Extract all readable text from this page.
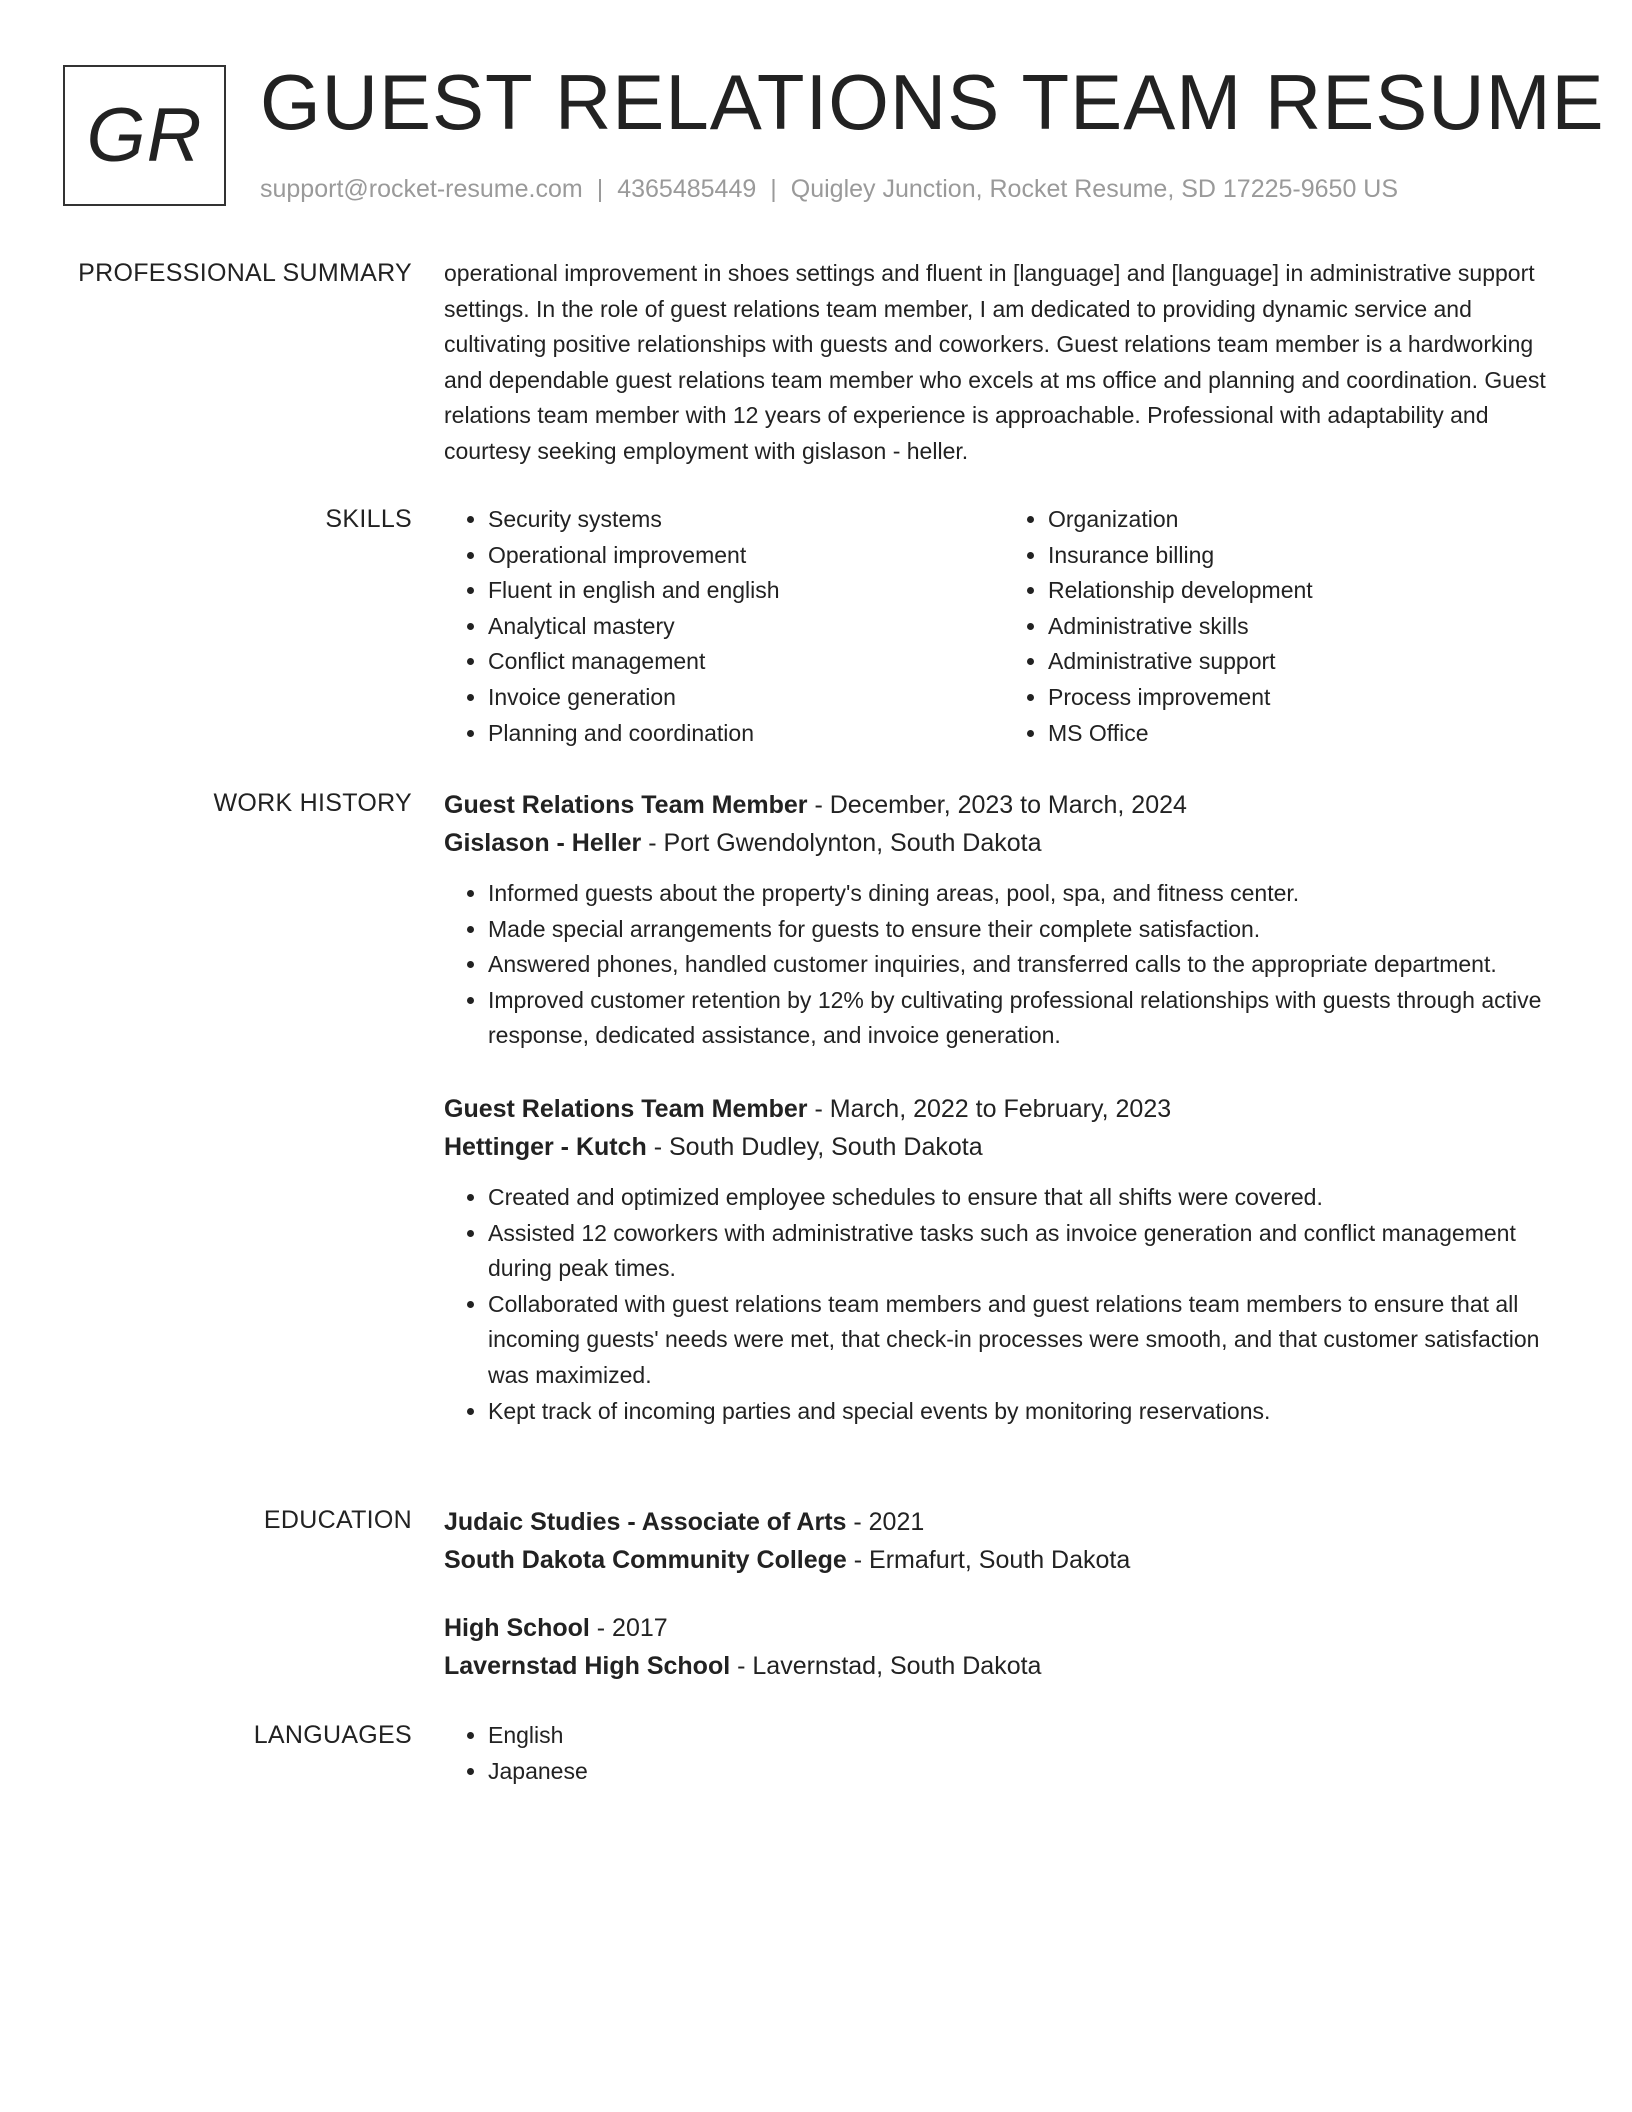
GR GUEST RELATIONS TEAM RESUME
support@rocket-resume.com | 4365485449 | Quigley Junction, Rocket Resume, SD 17225-9650 US
PROFESSIONAL SUMMARY operational improvement in shoes settings and fluent in [language] and [language] in administrative support settings. In the role of guest relations team member, I am dedicated to providing dynamic service and cultivating positive relationships with guests and coworkers. Guest relations team member is a hardworking and dependable guest relations team member who excels at ms office and planning and coordination. Guest relations team member with 12 years of experience is approachable. Professional with adaptability and courtesy seeking employment with gislason - heller.

SKILLS	• Security systems
• Operational improvement
• Fluent in english and english
• Analytical mastery
• Conflict management
• Invoice generation
• Planning and coordination
• Organization
• Insurance billing
• Relationship development
• Administrative skills
• Administrative support
• Process improvement
• MS Office
WORK HISTORY Guest Relations Team Member - December, 2023 to March, 2024
Gislason - Heller - Port Gwendolynton, South Dakota
• Informed guests about the property's dining areas, pool, spa, and fitness center.
• Made special arrangements for guests to ensure their complete satisfaction.
• Answered phones, handled customer inquiries, and transferred calls to the appropriate department.
• Improved customer retention by 12% by cultivating professional relationships with guests through active response, dedicated assistance, and invoice generation.
Guest Relations Team Member - March, 2022 to February, 2023
Hettinger - Kutch - South Dudley, South Dakota
• Created and optimized employee schedules to ensure that all shifts were covered.
• Assisted 12 coworkers with administrative tasks such as invoice generation and conflict management during peak times.
• Collaborated with guest relations team members and guest relations team members to ensure that all incoming guests' needs were met, that check-in processes were smooth, and that customer satisfaction was maximized.
• Kept track of incoming parties and special events by monitoring reservations.
EDUCATION Judaic Studies - Associate of Arts - 2021
South Dakota Community College - Ermafurt, South Dakota
High School - 2017
Lavernstad High School - Lavernstad, South Dakota
LANGUAGES	• English
• Japanese
